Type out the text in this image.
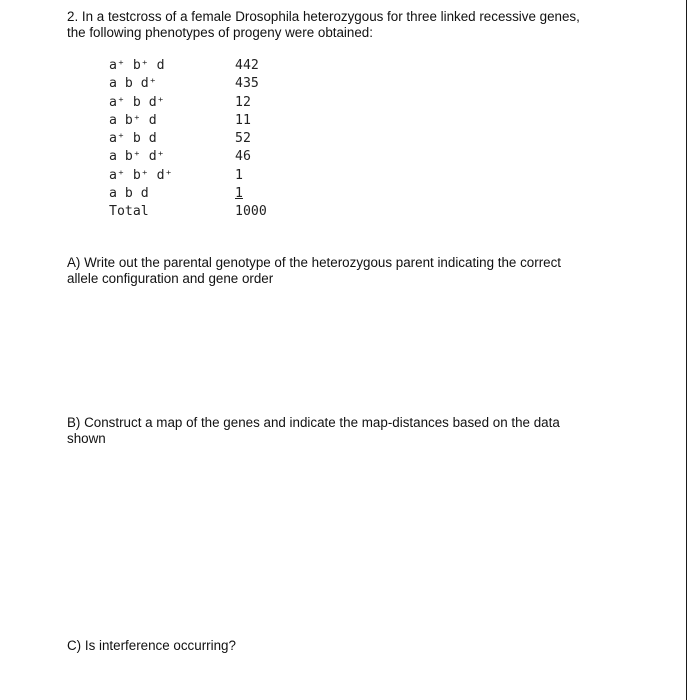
2. In a testcross of a female Drosophila heterozygous for three linked recessive genes,
the following phenotypes of progeny were obtained:
a⁺ b⁺ d	442
a b d⁺	435
a⁺ b d⁺	12
a b⁺ d	11
a⁺ b d	52
a b⁺ d⁺	46
a⁺ b⁺ d⁺	1
a b d	1
Total	1000
A) Write out the parental genotype of the heterozygous parent indicating the correct
allele configuration and gene order
B) Construct a map of the genes and indicate the map-distances based on the data
shown
C) Is interference occurring?
